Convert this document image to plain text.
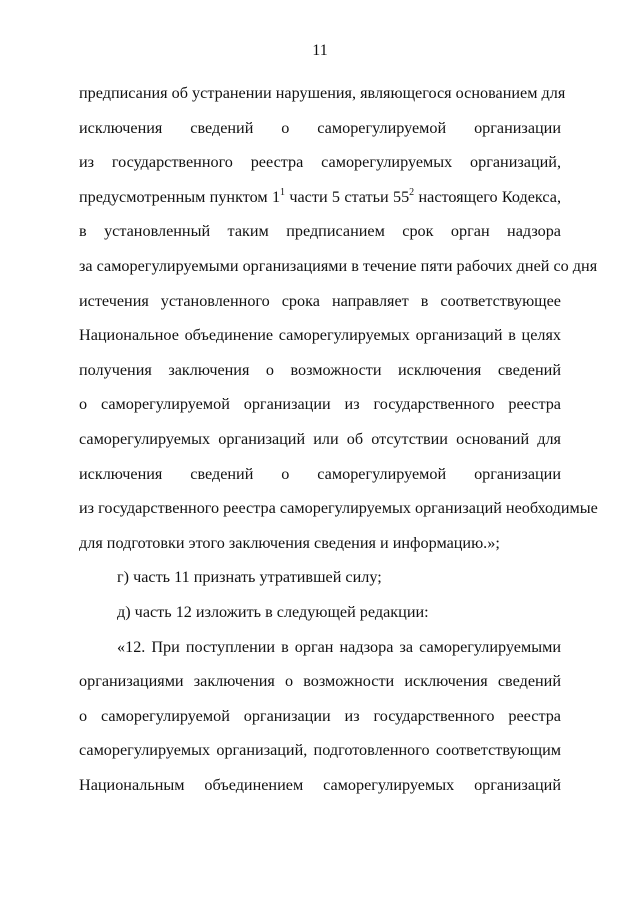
11
предписания об устранении нарушения, являющегося основанием для
исключения сведений о саморегулируемой организации
из государственного реестра саморегулируемых организаций,
предусмотренным пунктом $1^1$ части 5 статьи $55^2$ настоящего Кодекса,
в установленный таким предписанием срок орган надзора
за саморегулируемыми организациями в течение пяти рабочих дней со дня
истечения установленного срока направляет в соответствующее
Национальное объединение саморегулируемых организаций в целях
получения заключения о возможности исключения сведений
о саморегулируемой организации из государственного реестра
саморегулируемых организаций или об отсутствии оснований для
исключения сведений о саморегулируемой организации
из государственного реестра саморегулируемых организаций необходимые
для подготовки этого заключения сведения и информацию.»;
г) часть 11 признать утратившей силу;
д) часть 12 изложить в следующей редакции:
«12. При поступлении в орган надзора за саморегулируемыми
организациями заключения о возможности исключения сведений
о саморегулируемой организации из государственного реестра
саморегулируемых организаций, подготовленного соответствующим
Национальным объединением саморегулируемых организаций
